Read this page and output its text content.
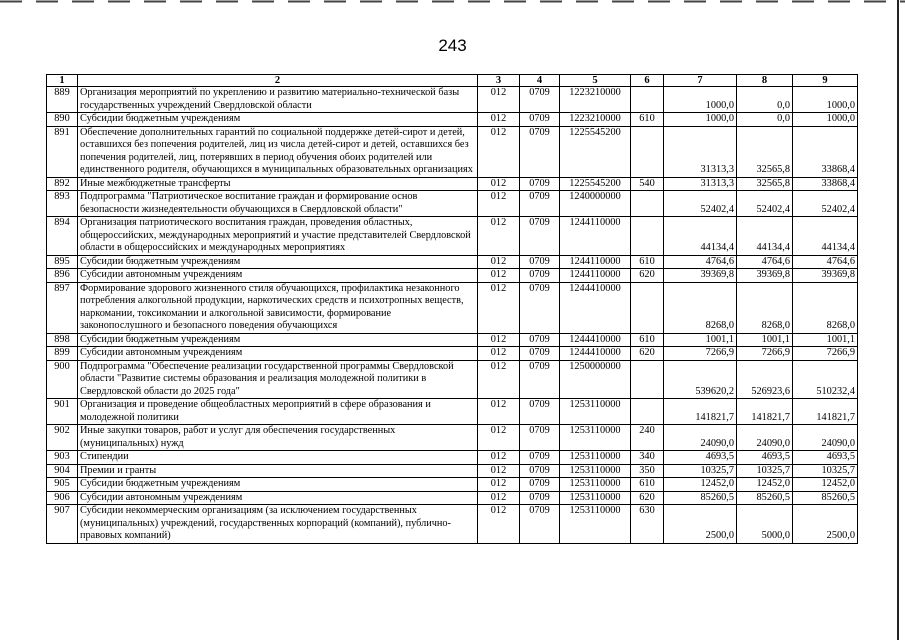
243
1	2	3	4	5	6	7	8	9
889	Организация мероприятий по укреплению и развитию материально-технической базы государственных учреждений Свердловской области	012	0709	1223210000		1000,0	0,0	1000,0
890	Субсидии бюджетным учреждениям	012	0709	1223210000	610	1000,0	0,0	1000,0
891	Обеспечение дополнительных гарантий по социальной поддержке детей-сирот и детей, оставшихся без попечения родителей, лиц из числа детей-сирот и детей, оставшихся без попечения родителей, лиц, потерявших в период обучения обоих родителей или единственного родителя, обучающихся в муниципальных образовательных организациях	012	0709	1225545200		31313,3	32565,8	33868,4
892	Иные межбюджетные трансферты	012	0709	1225545200	540	31313,3	32565,8	33868,4
893	Подпрограмма "Патриотическое воспитание граждан и формирование основ безопасности жизнедеятельности обучающихся в Свердловской области"	012	0709	1240000000		52402,4	52402,4	52402,4
894	Организация патриотического воспитания граждан, проведения областных, общероссийских, международных мероприятий и участие представителей Свердловской области в общероссийских и международных мероприятиях	012	0709	1244110000		44134,4	44134,4	44134,4
895	Субсидии бюджетным учреждениям	012	0709	1244110000	610	4764,6	4764,6	4764,6
896	Субсидии автономным учреждениям	012	0709	1244110000	620	39369,8	39369,8	39369,8
897	Формирование здорового жизненного стиля обучающихся, профилактика незаконного потребления алкогольной продукции, наркотических средств и психотропных веществ, наркомании, токсикомании и алкогольной зависимости, формирование законопослушного и безопасного поведения обучающихся	012	0709	1244410000		8268,0	8268,0	8268,0
898	Субсидии бюджетным учреждениям	012	0709	1244410000	610	1001,1	1001,1	1001,1
899	Субсидии автономным учреждениям	012	0709	1244410000	620	7266,9	7266,9	7266,9
900	Подпрограмма "Обеспечение реализации государственной программы Свердловской области "Развитие системы образования и реализация молодежной политики в Свердловской области до 2025 года"	012	0709	1250000000		539620,2	526923,6	510232,4
901	Организация и проведение общеобластных мероприятий в сфере образования и молодежной политики	012	0709	1253110000		141821,7	141821,7	141821,7
902	Иные закупки товаров, работ и услуг для обеспечения государственных (муниципальных) нужд	012	0709	1253110000	240	24090,0	24090,0	24090,0
903	Стипендии	012	0709	1253110000	340	4693,5	4693,5	4693,5
904	Премии и гранты	012	0709	1253110000	350	10325,7	10325,7	10325,7
905	Субсидии бюджетным учреждениям	012	0709	1253110000	610	12452,0	12452,0	12452,0
906	Субсидии автономным учреждениям	012	0709	1253110000	620	85260,5	85260,5	85260,5
907	Субсидии некоммерческим организациям (за исключением государственных (муниципальных) учреждений, государственных корпораций (компаний), публично-правовых компаний)	012	0709	1253110000	630	2500,0	5000,0	2500,0
